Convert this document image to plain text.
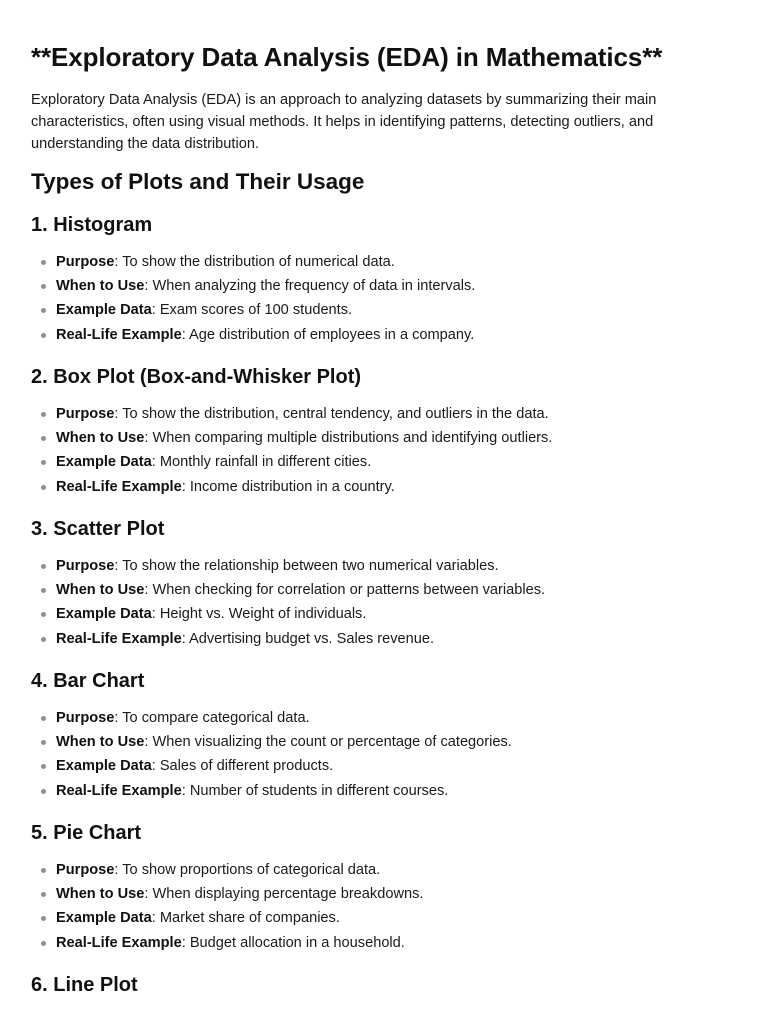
**Exploratory Data Analysis (EDA) in Mathematics**

Exploratory Data Analysis (EDA) is an approach to analyzing datasets by summarizing their main characteristics, often using visual methods. It helps in identifying patterns, detecting outliers, and understanding the data distribution.

Types of Plots and Their Usage
1. Histogram
Purpose: To show the distribution of numerical data.
When to Use: When analyzing the frequency of data in intervals.
Example Data: Exam scores of 100 students.
Real-Life Example: Age distribution of employees in a company.
2. Box Plot (Box-and-Whisker Plot)
Purpose: To show the distribution, central tendency, and outliers in the data.
When to Use: When comparing multiple distributions and identifying outliers.
Example Data: Monthly rainfall in different cities.
Real-Life Example: Income distribution in a country.
3. Scatter Plot
Purpose: To show the relationship between two numerical variables.
When to Use: When checking for correlation or patterns between variables.
Example Data: Height vs. Weight of individuals.
Real-Life Example: Advertising budget vs. Sales revenue.
4. Bar Chart
Purpose: To compare categorical data.
When to Use: When visualizing the count or percentage of categories.
Example Data: Sales of different products.
Real-Life Example: Number of students in different courses.
5. Pie Chart
Purpose: To show proportions of categorical data.
When to Use: When displaying percentage breakdowns.
Example Data: Market share of companies.
Real-Life Example: Budget allocation in a household.
6. Line Plot
